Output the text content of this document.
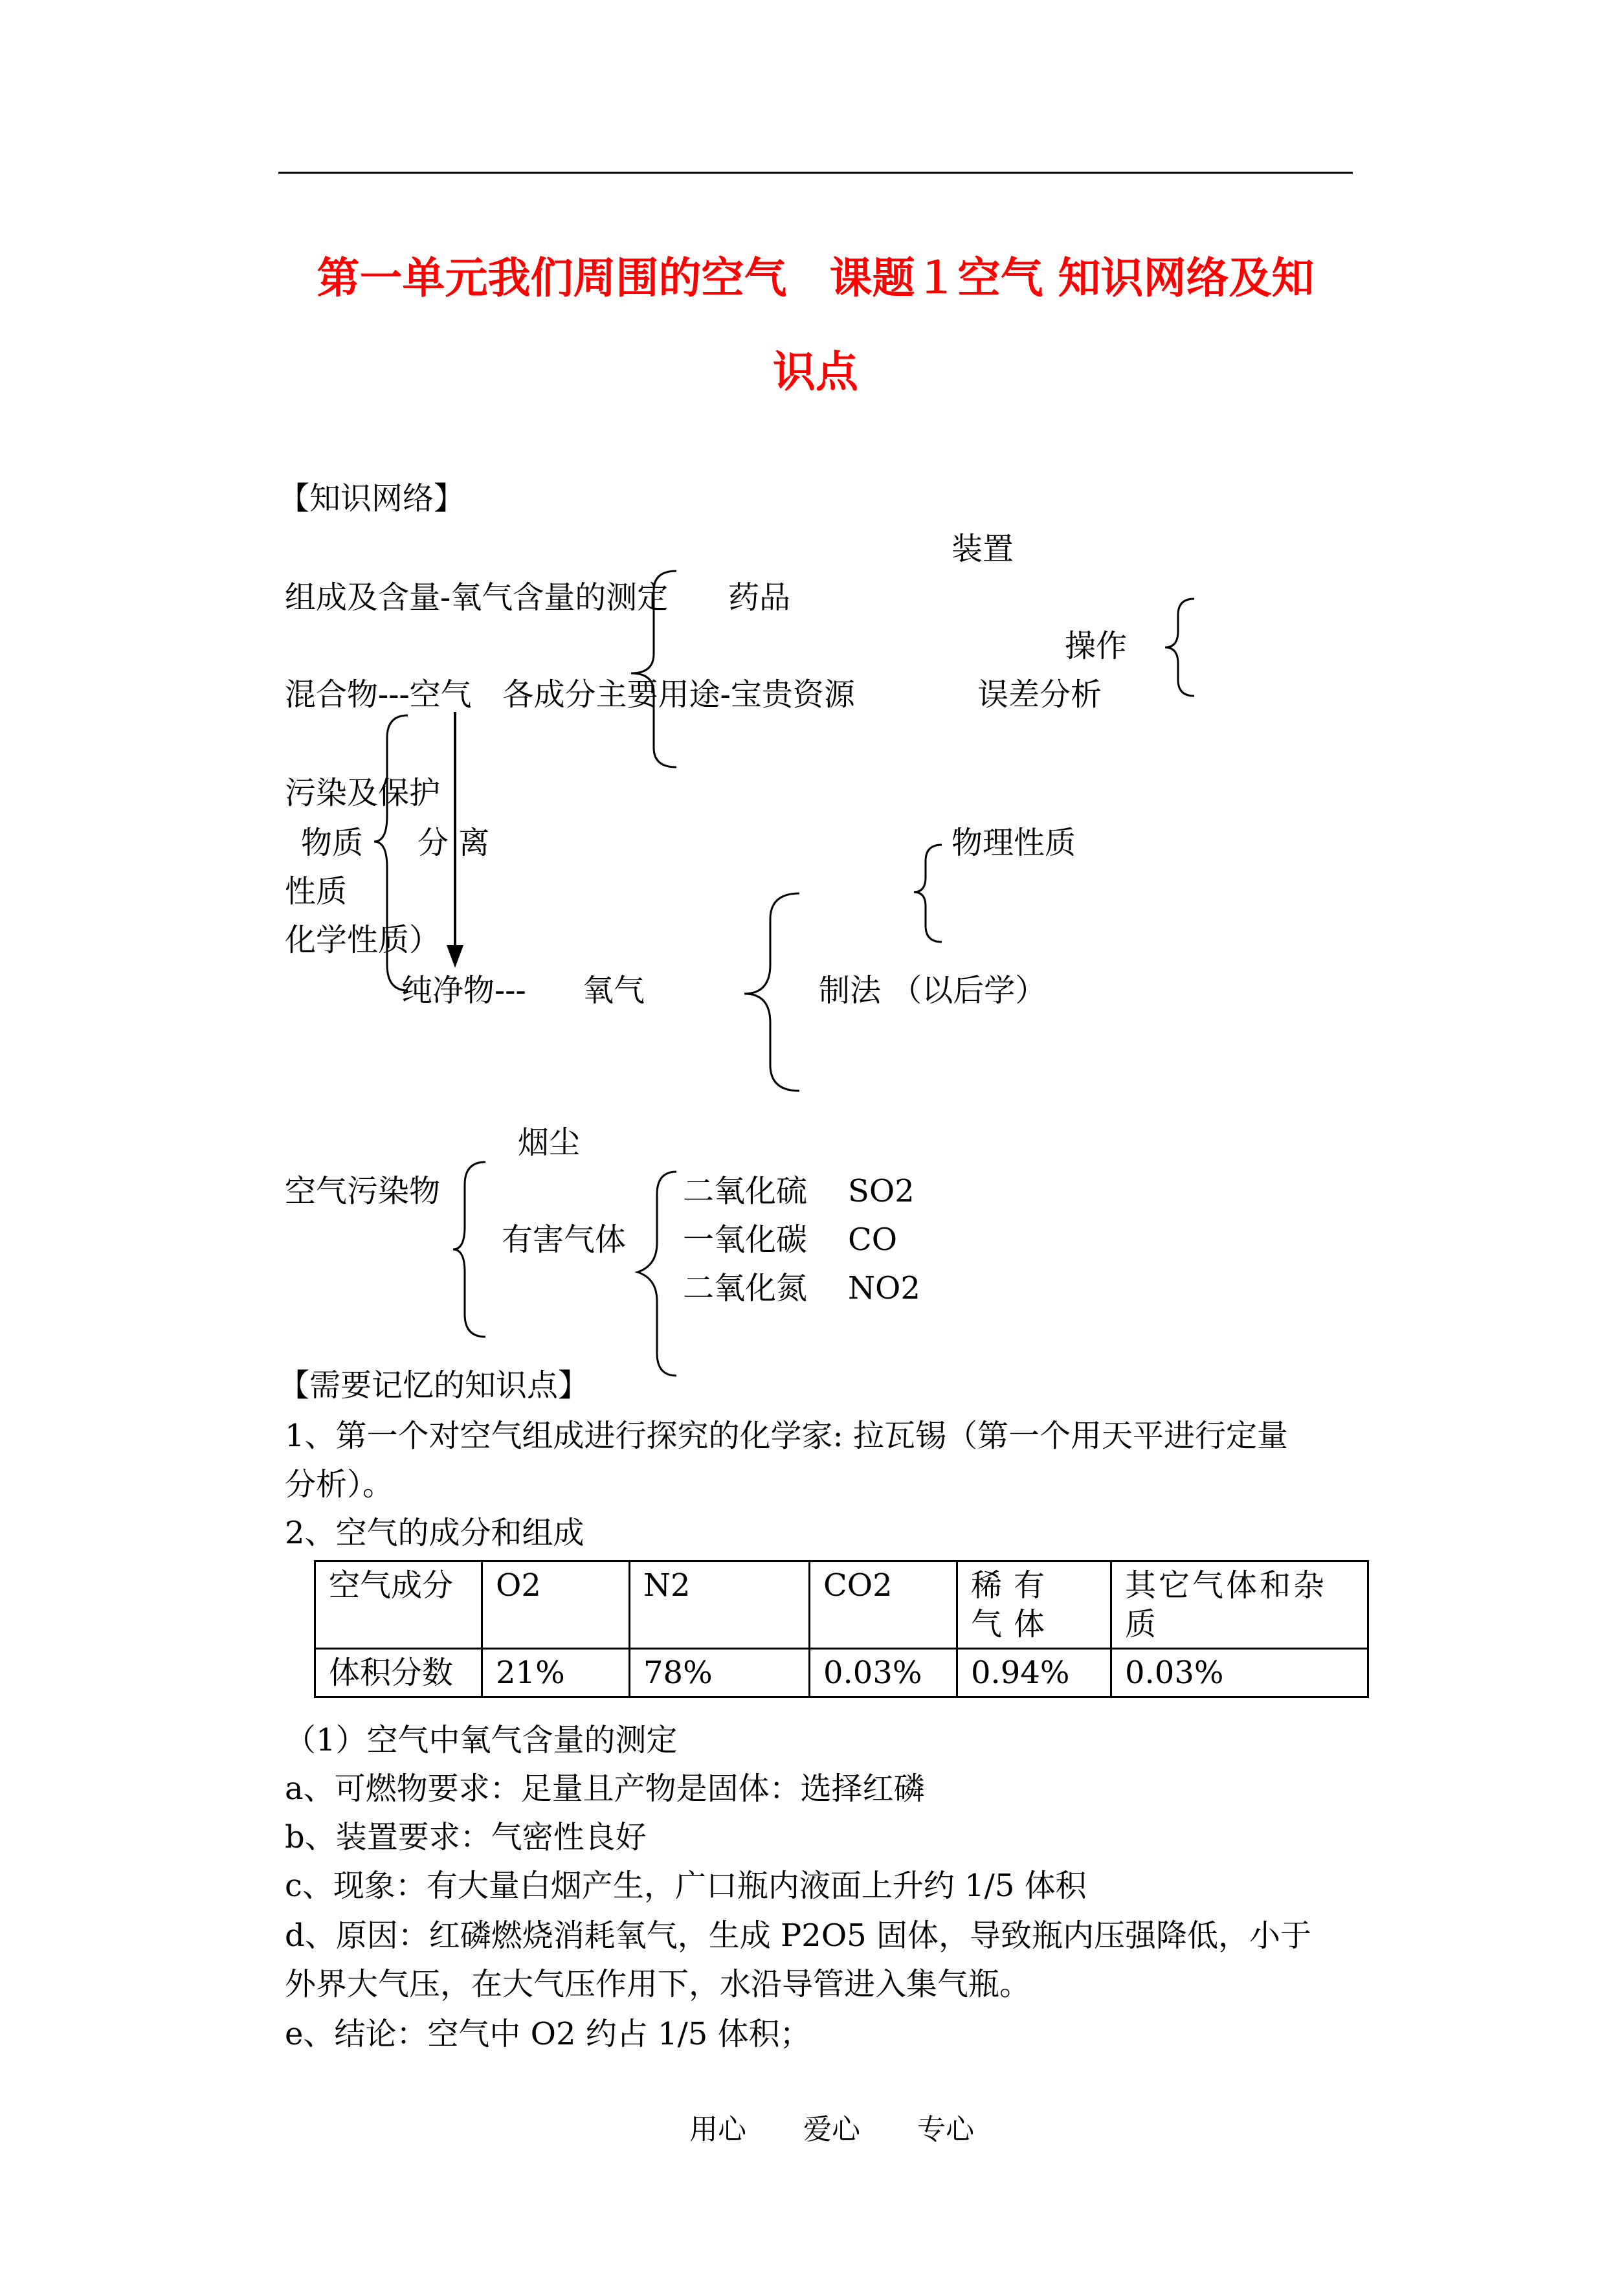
第一单元我们周围的空气　课题１空气 知识网络及知
识点
【知识网络】
装置
组成及含量-氧气含量的测定 药品
操作
混合物---空气　各成分主要用途-宝贵资源	误差分析
污染及保护
物质 分 离	物理性质
性质
化学性质）
纯净物--- 氧气	制法 （以后学）
烟尘
空气污染物	二氧化硫 SO2
有害气体 一氧化碳 CO
二氧化氮 NO2
【需要记忆的知识点】
1、第一个对空气组成进行探究的化学家: 拉瓦锡（第一个用天平进行定量
分析）。
2、空气的成分和组成
空气成分	O2	N2	CO2	稀有气体	其它气体和杂质
体积分数	21%	78%	0.03%	0.94%	0.03%
（1）空气中氧气含量的测定
a、可燃物要求：足量且产物是固体：选择红磷
b、装置要求：气密性良好
c、现象：有大量白烟产生，广口瓶内液面上升约 1/5 体积
d、原因：红磷燃烧消耗氧气，生成 P2O5 固体，导致瓶内压强降低，小于
外界大气压，在大气压作用下，水沿导管进入集气瓶。
e、结论：空气中 O2 约占 1/5 体积；
用心　　爱心　　专心
